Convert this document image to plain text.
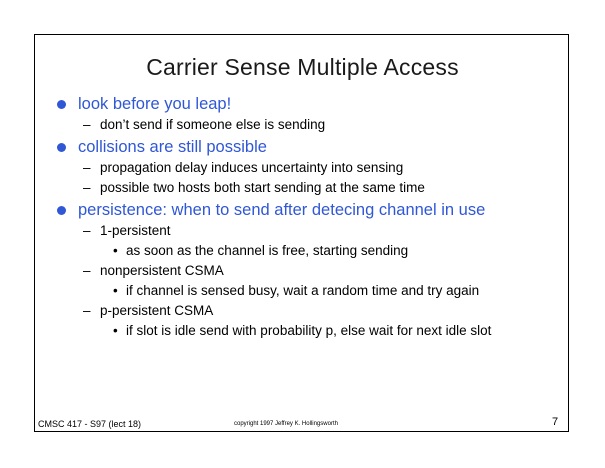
Carrier Sense Multiple Access
look before you leap!
– don’t send if someone else is sending
collisions are still possible
– propagation delay induces uncertainty into sensing
– possible two hosts both start sending at the same time
persistence: when to send after detecing channel in use
– 1-persistent
• as soon as the channel is free, starting sending
– nonpersistent CSMA
• if channel is sensed busy, wait a random time and try again
– p-persistent CSMA
• if slot is idle send with probability p, else wait for next idle slot
CMSC 417 - S97 (lect 18)	copyright 1997 Jeffrey K. Hollingsworth	7
